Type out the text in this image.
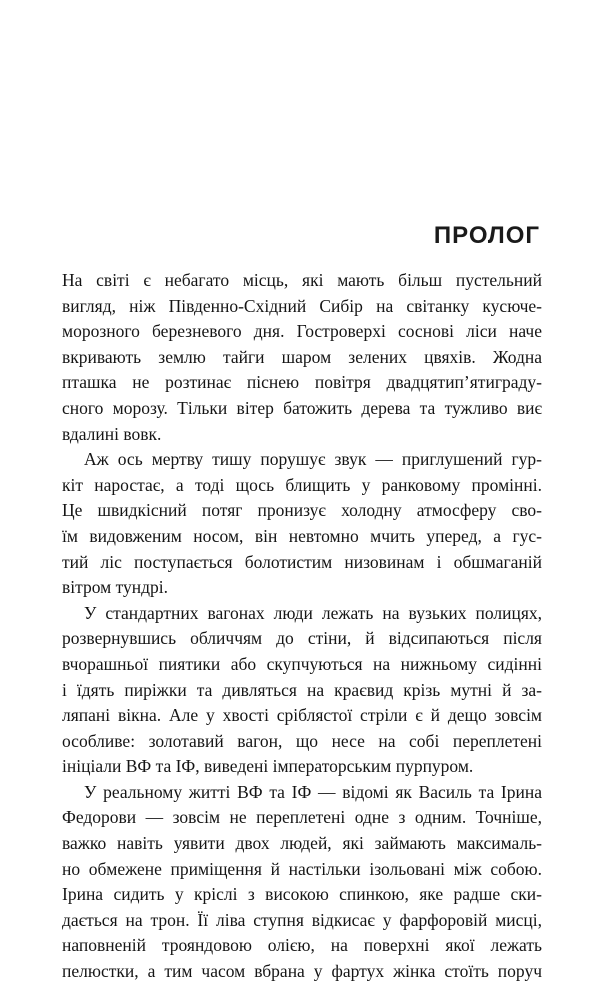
ПРОЛОГ

На світі є небагато місць, які мають більш пустельний

вигляд, ніж Південно-Східний Сибір на світанку кусюче-

морозного березневого дня. Гостроверхі соснові ліси наче

вкривають землю тайги шаром зелених цвяхів. Жодна

пташка не розтинає піснею повітря двадцятип’ятиграду-

сного морозу. Тільки вітер батожить дерева та тужливо виє

вдалині вовк.

Аж ось мертву тишу порушує звук — приглушений гур-

кіт наростає, а тоді щось блищить у ранковому промінні.

Це швидкісний потяг пронизує холодну атмосферу сво-

їм видовженим носом, він невтомно мчить уперед, а гус-

тий ліс поступається болотистим низовинам і обшмаганій

вітром тундрі.

У стандартних вагонах люди лежать на вузьких полицях,

розвернувшись обличчям до стіни, й відсипаються після

вчорашньої пиятики або скупчуються на нижньому сидінні

і їдять пиріжки та дивляться на краєвид крізь мутні й за-

ляпані вікна. Але у хвості сріблястої стріли є й дещо зовсім

особливе: золотавий вагон, що несе на собі переплетені

ініціали ВФ та ІФ, виведені імператорським пурпуром.

У реальному житті ВФ та ІФ — відомі як Василь та Ірина

Федорови — зовсім не переплетені одне з одним. Точніше,

важко навіть уявити двох людей, які займають максималь-

но обмежене приміщення й настільки ізольовані між собою.

Ірина сидить у кріслі з високою спинкою, яке радше ски-

дається на трон. Її ліва ступня відкисає у фарфоровій мисці,

наповненій трояндовою олією, на поверхні якої лежать

пелюстки, а тим часом вбрана у фартух жінка стоїть поруч
